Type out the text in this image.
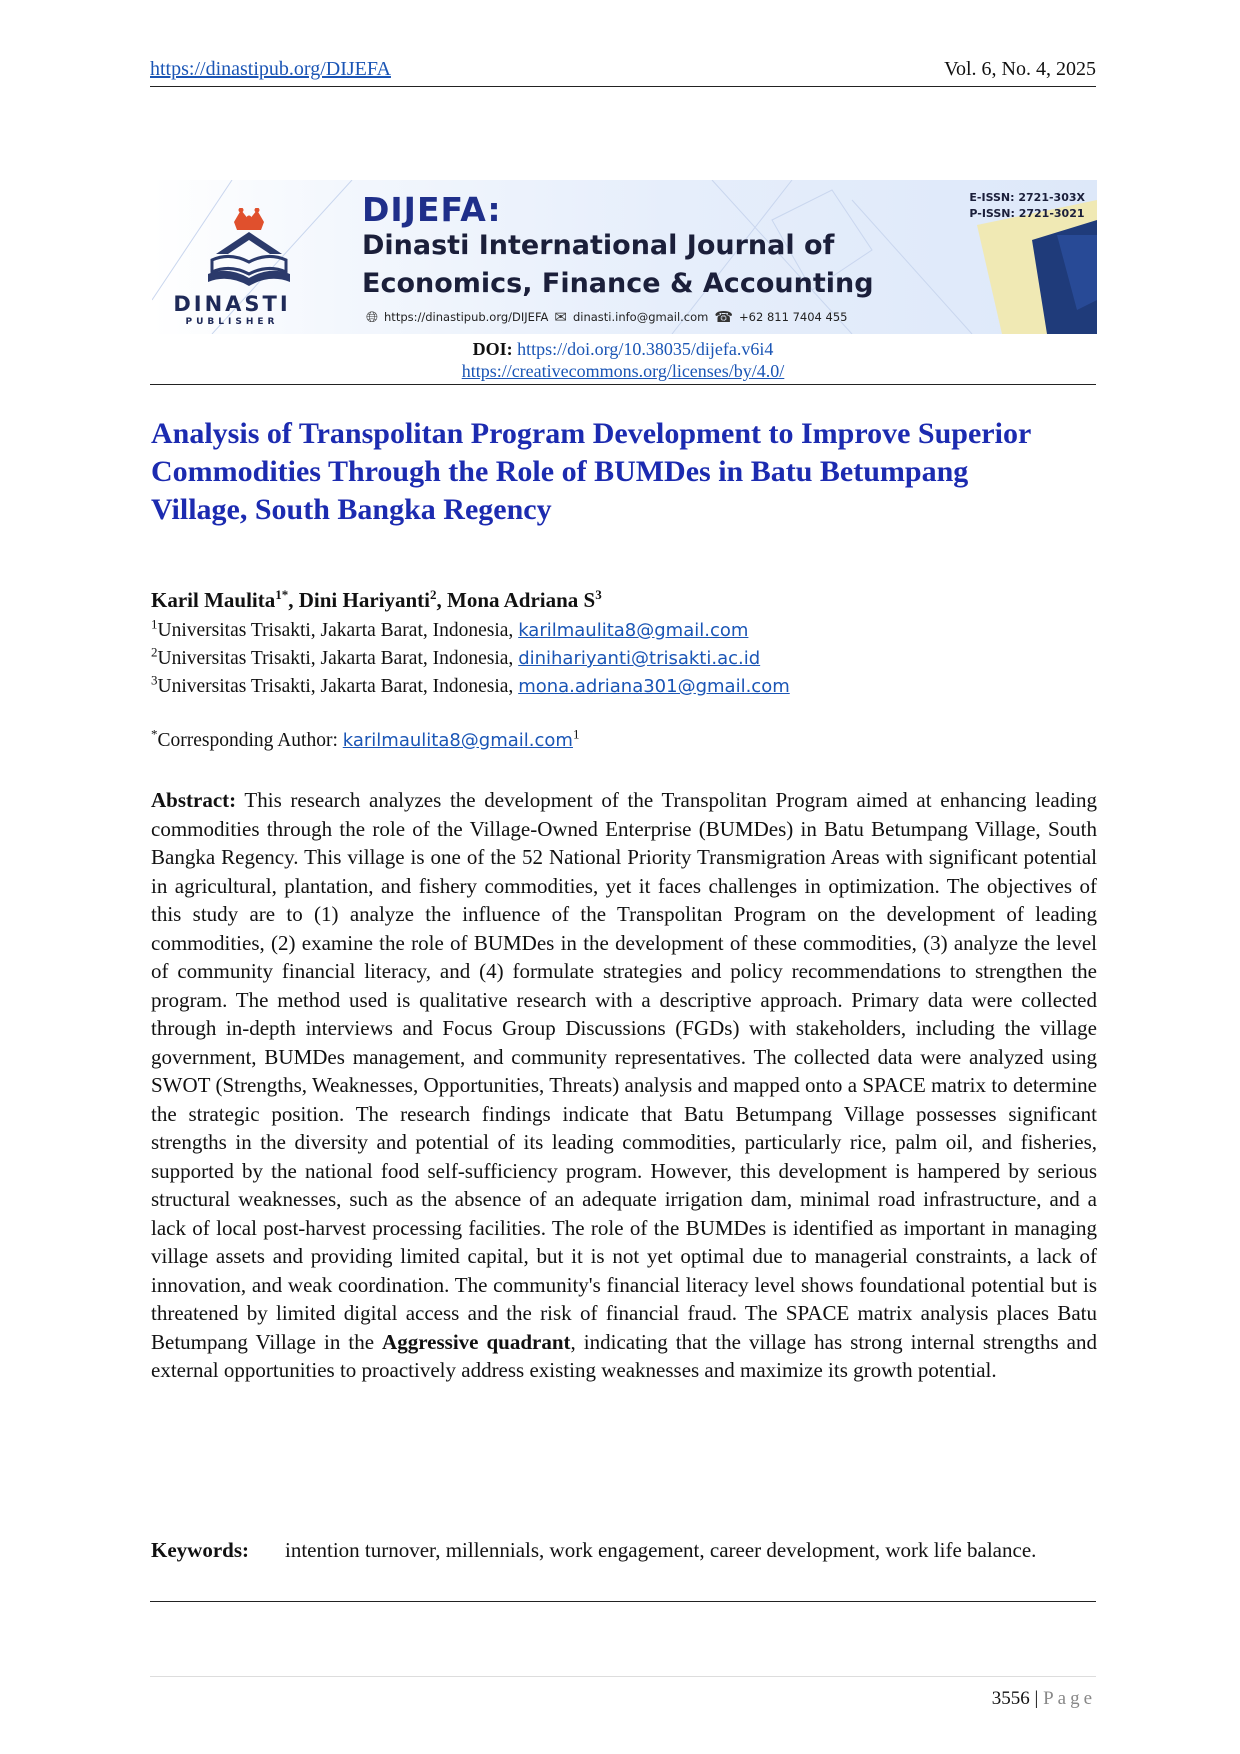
https://dinastipub.org/DIJEFA	Vol. 6, No. 4, 2025
DINASTI
PUBLISHER
DIJEFA:
Dinasti International Journal of
Economics, Finance & Accounting
🌐︎ https://dinastipub.org/DIJEFA ✉ dinasti.info@gmail.com ☎ +62 811 7404 455
E-ISSN: 2721-303X
P-ISSN: 2721-3021
DOI: https://doi.org/10.38035/dijefa.v6i4
https://creativecommons.org/licenses/by/4.0/
Analysis of Transpolitan Program Development to Improve Superior Commodities Through the Role of BUMDes in Batu Betumpang Village, South Bangka Regency
Karil Maulita$^{1*}$, Dini Hariyanti$^2$, Mona Adriana $S^3$
$^1$Universitas Trisakti, Jakarta Barat, Indonesia, karilmaulita8@gmail.com
$^2$Universitas Trisakti, Jakarta Barat, Indonesia, dinihariyanti@trisakti.ac.id
$^3$Universitas Trisakti, Jakarta Barat, Indonesia, mona.adriana301@gmail.com
*Corresponding Author: karilmaulita8@gmail.com$^1$

Abstract: This research analyzes the development of the Transpolitan Program aimed at enhancing leading commodities through the role of the Village-Owned Enterprise (BUMDes) in Batu Betumpang Village, South Bangka Regency. This village is one of the 52 National Priority Transmigration Areas with significant potential in agricultural, plantation, and fishery commodities, yet it faces challenges in optimization. The objectives of this study are to (1) analyze the influence of the Transpolitan Program on the development of leading commodities, (2) examine the role of BUMDes in the development of these commodities, (3) analyze the level of community financial literacy, and (4) formulate strategies and policy recommendations to strengthen the program. The method used is qualitative research with a descriptive approach. Primary data were collected through in-depth interviews and Focus Group Discussions (FGDs) with stakeholders, including the village government, BUMDes management, and community representatives. The collected data were analyzed using SWOT (Strengths, Weaknesses, Opportunities, Threats) analysis and mapped onto a SPACE matrix to determine the strategic position. The research findings indicate that Batu Betumpang Village possesses significant strengths in the diversity and potential of its leading commodities, particularly rice, palm oil, and fisheries, supported by the national food self-sufficiency program. However, this development is hampered by serious structural weaknesses, such as the absence of an adequate irrigation dam, minimal road infrastructure, and a lack of local post-harvest processing facilities. The role of the BUMDes is identified as important in managing village assets and providing limited capital, but it is not yet optimal due to managerial constraints, a lack of innovation, and weak coordination. The community's financial literacy level shows foundational potential but is threatened by limited digital access and the risk of financial fraud. The SPACE matrix analysis places Batu Betumpang Village in the Aggressive quadrant, indicating that the village has strong internal strengths and external opportunities to proactively address existing weaknesses and maximize its growth potential.

Keywords:	intention turnover, millennials, work engagement, career development, work life balance.
3556 | Page
